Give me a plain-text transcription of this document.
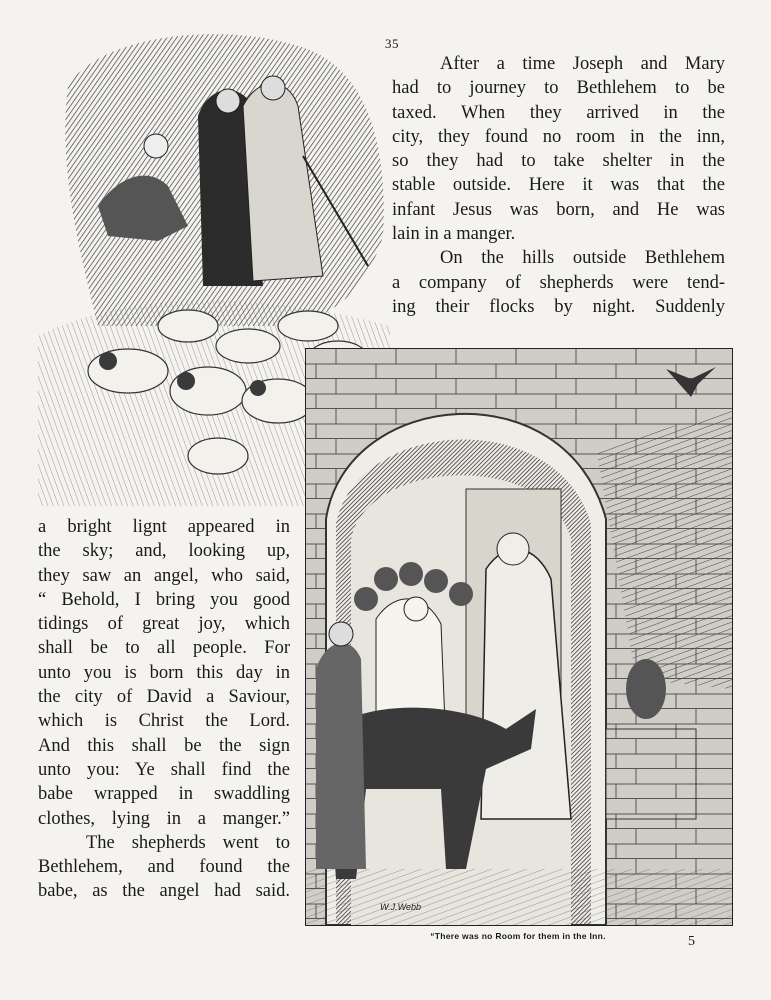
35

After a time Joseph and Mary
had to journey to Bethlehem to be
taxed. When they arrived in the
city, they found no room in the inn,
so they had to take shelter in the
stable outside. Here it was that the
infant Jesus was born, and He was
lain in a manger.

On the hills outside Bethlehem
a company of shepherds were tend-
ing their flocks by night. Suddenly

W.J.Webb
“There was no Room for them in the Inn.

a bright lignt appeared in
the sky; and, looking up,
they saw an angel, who said,
“ Behold, I bring you good
tidings of great joy, which
shall be to all people. For
unto you is born this day in
the city of David a Saviour,
which is Christ the Lord.
And this shall be the sign
unto you: Ye shall find the
babe wrapped in swaddling
clothes, lying in a manger.”

The shepherds went to
Bethlehem, and found the
babe, as the angel had said.

5
